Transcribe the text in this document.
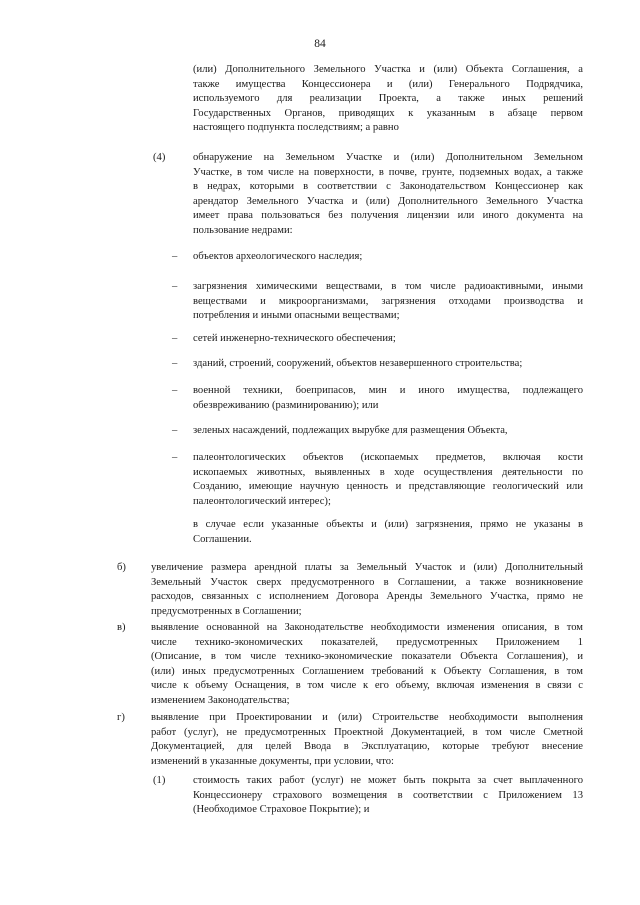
84
(или) Дополнительного Земельного Участка и (или) Объекта Соглашения, а
также имущества Концессионера и (или) Генерального Подрядчика,
используемого для реализации Проекта, а также иных решений
Государственных Органов, приводящих к указанным в абзаце первом
настоящего подпункта последствиям; а равно
(4)	обнаружение на Земельном Участке и (или) Дополнительном Земельном
Участке, в том числе на поверхности, в почве, грунте, подземных водах, а также
в недрах, которыми в соответствии с Законодательством Концессионер как
арендатор Земельного Участка и (или) Дополнительного Земельного Участка
имеет права пользоваться без получения лицензии или иного документа на
пользование недрами:
– объектов археологического наследия;
– загрязнения химическими веществами, в том числе радиоактивными, иными
веществами и микроорганизмами, загрязнения отходами производства и
потребления и иными опасными веществами;
– сетей инженерно-технического обеспечения;
– зданий, строений, сооружений, объектов незавершенного строительства;
– военной техники, боеприпасов, мин и иного имущества, подлежащего
обезвреживанию (разминированию); или
– зеленых насаждений, подлежащих вырубке для размещения Объекта,
– палеонтологических объектов (ископаемых предметов, включая кости
ископаемых животных, выявленных в ходе осуществления деятельности по
Созданию, имеющие научную ценность и представляющие геологический или
палеонтологический интерес);
в случае если указанные объекты и (или) загрязнения, прямо не указаны в
Соглашении.
б) увеличение размера арендной платы за Земельный Участок и (или) Дополнительный
Земельный Участок сверх предусмотренного в Соглашении, а также возникновение
расходов, связанных с исполнением Договора Аренды Земельного Участка, прямо не
предусмотренных в Соглашении;
в) выявление основанной на Законодательстве необходимости изменения описания, в том
числе технико-экономических показателей, предусмотренных Приложением 1
(Описание, в том числе технико-экономические показатели Объекта Соглашения), и
(или) иных предусмотренных Соглашением требований к Объекту Соглашения, в том
числе к объему Оснащения, в том числе к его объему, включая изменения в связи с
изменением Законодательства;
г) выявление при Проектировании и (или) Строительстве необходимости выполнения
работ (услуг), не предусмотренных Проектной Документацией, в том числе Сметной
Документацией, для целей Ввода в Эксплуатацию, которые требуют внесение
изменений в указанные документы, при условии, что:
(1)	стоимость таких работ (услуг) не может быть покрыта за счет выплаченного
Концессионеру страхового возмещения в соответствии с Приложением 13
(Необходимое Страховое Покрытие); и
